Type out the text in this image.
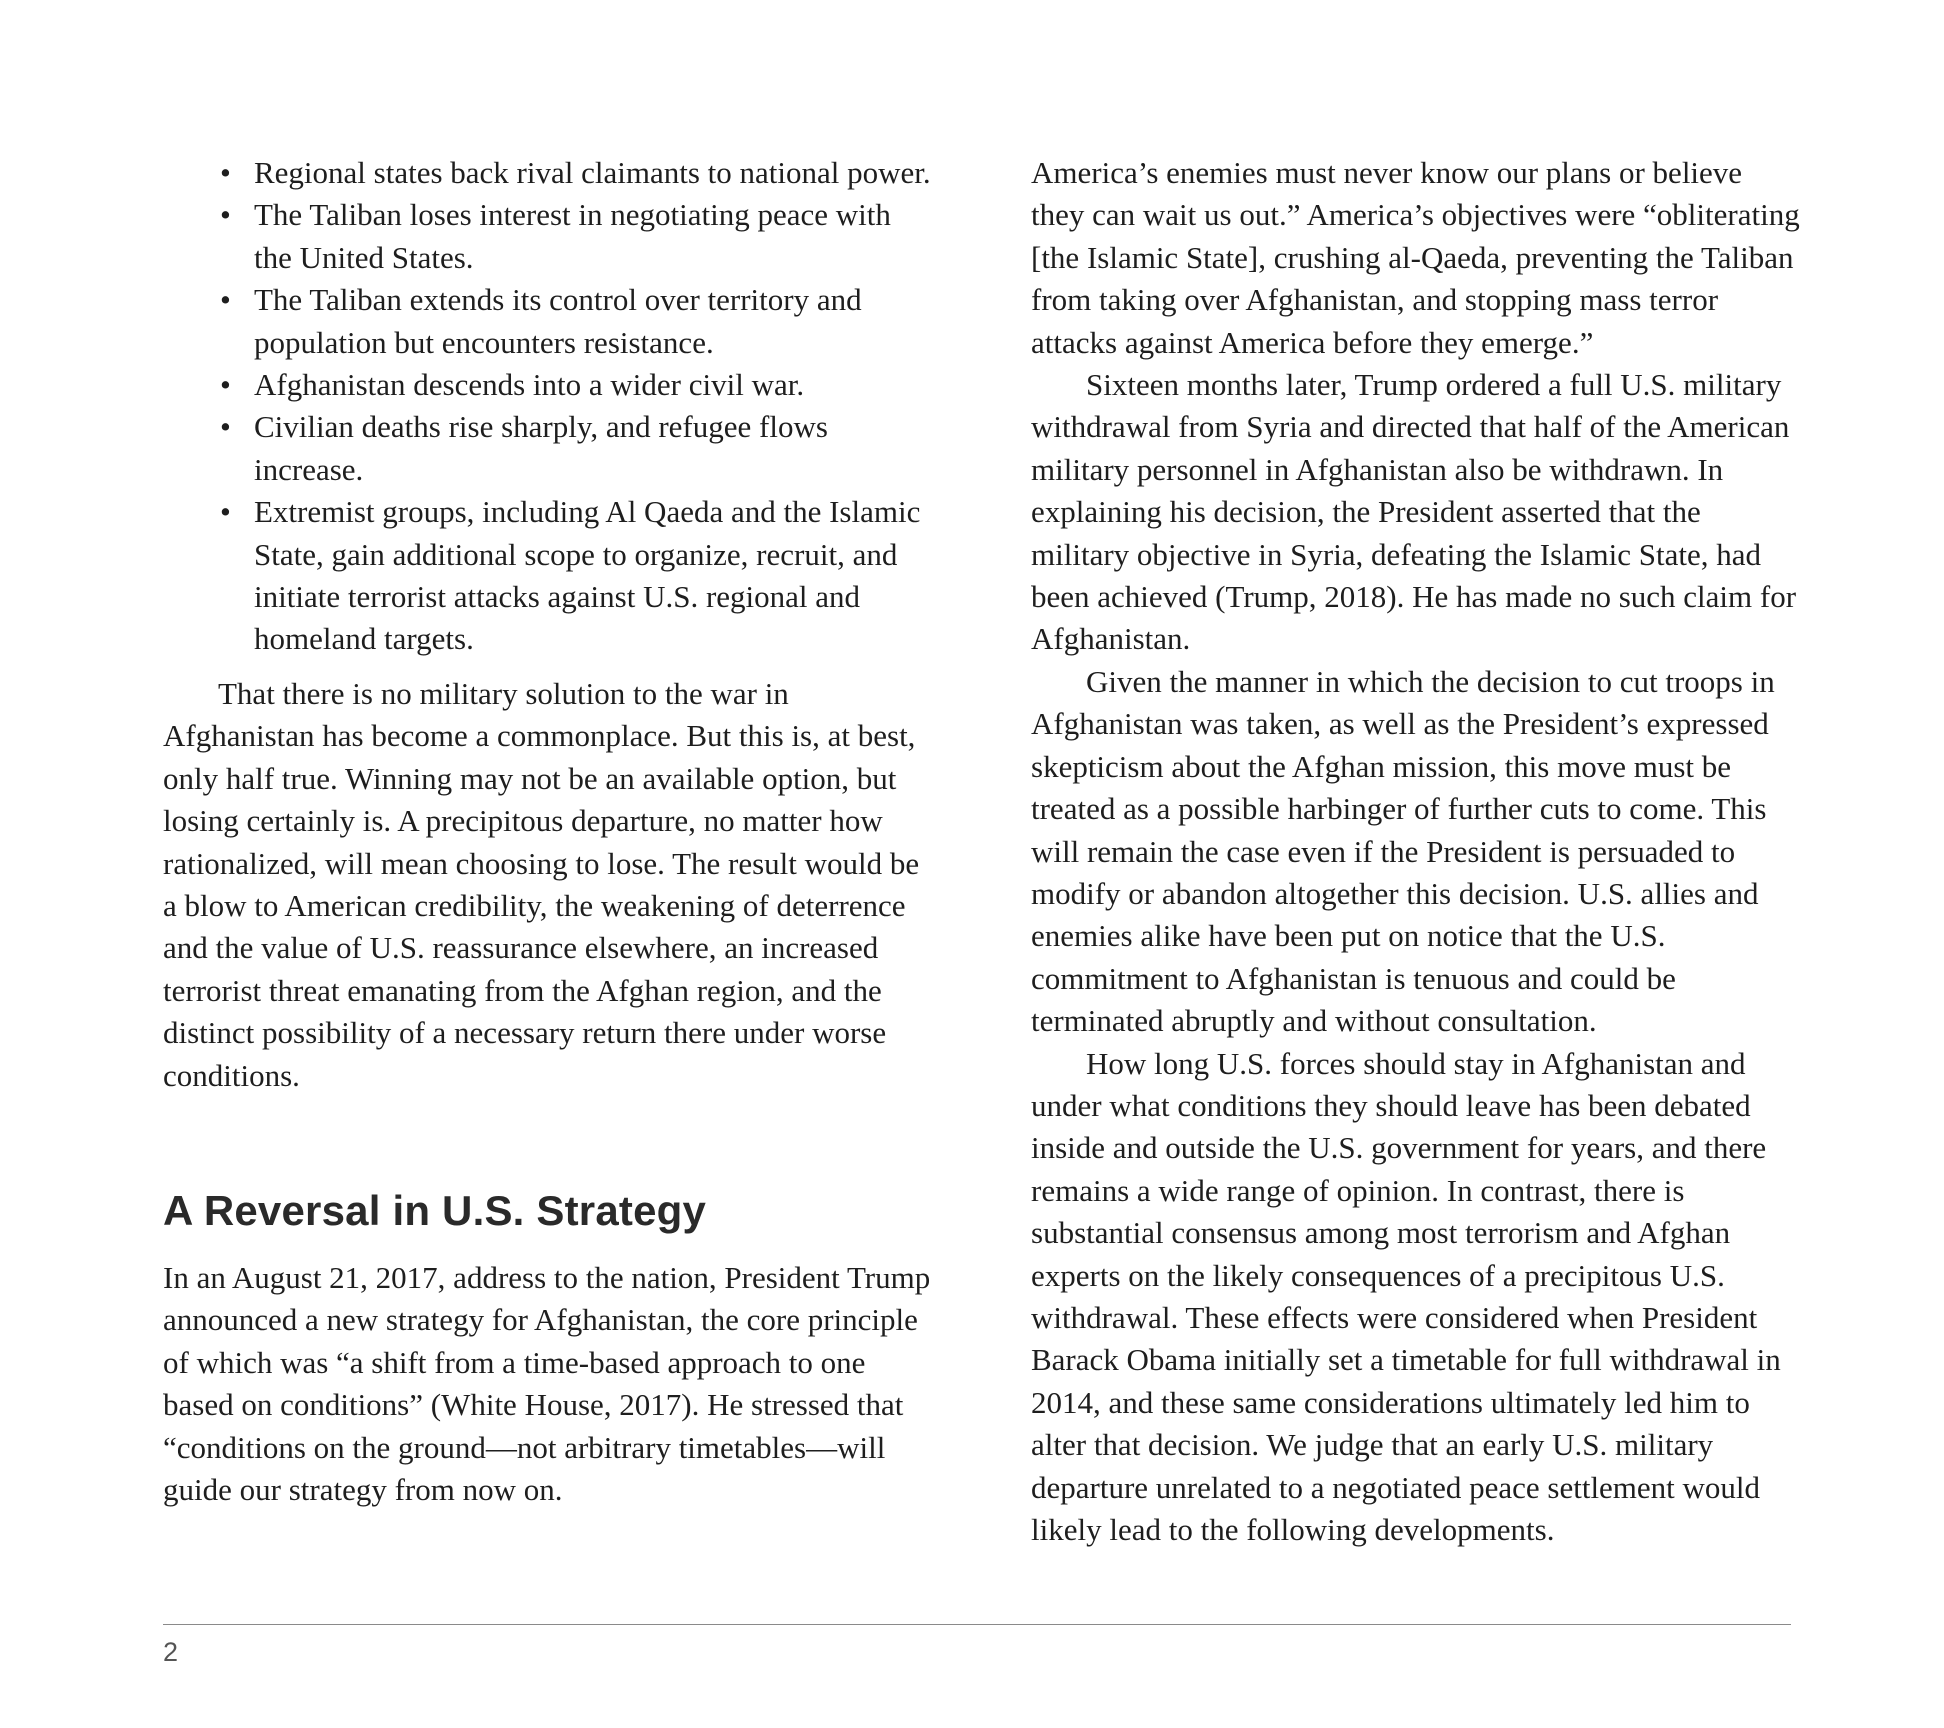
• Regional states back rival claimants to national power.
• The Taliban loses interest in negotiating peace with the United States.
• The Taliban extends its control over territory and population but encounters resistance.
• Afghanistan descends into a wider civil war.
• Civilian deaths rise sharply, and refugee flows increase.
• Extremist groups, including Al Qaeda and the Islamic State, gain additional scope to organize, recruit, and initiate terrorist attacks against U.S. regional and homeland targets.

That there is no military solution to the war in Afghanistan has become a commonplace. But this is, at best, only half true. Winning may not be an available option, but losing certainly is. A precipitous departure, no matter how rationalized, will mean choosing to lose. The result would be a blow to American credibility, the weakening of deterrence and the value of U.S. reassurance elsewhere, an increased terrorist threat emanating from the Afghan region, and the distinct possibility of a necessary return there under worse conditions.

A Reversal in U.S. Strategy

In an August 21, 2017, address to the nation, President Trump announced a new strategy for Afghanistan, the core principle of which was “a shift from a time-based approach to one based on conditions” (White House, 2017). He stressed that “conditions on the ground—not arbitrary timetables—will guide our strategy from now on.

America’s enemies must never know our plans or believe they can wait us out.” America’s objectives were “obliterating [the Islamic State], crushing al-Qaeda, preventing the Taliban from taking over Afghanistan, and stopping mass terror attacks against America before they emerge.”

Sixteen months later, Trump ordered a full U.S. military withdrawal from Syria and directed that half of the American military personnel in Afghanistan also be withdrawn. In explaining his decision, the President asserted that the military objective in Syria, defeating the Islamic State, had been achieved (Trump, 2018). He has made no such claim for Afghanistan.

Given the manner in which the decision to cut troops in Afghanistan was taken, as well as the President’s expressed skepticism about the Afghan mission, this move must be treated as a possible harbinger of further cuts to come. This will remain the case even if the President is persuaded to modify or abandon altogether this decision. U.S. allies and enemies alike have been put on notice that the U.S. commitment to Afghanistan is tenuous and could be terminated abruptly and without consultation.

How long U.S. forces should stay in Afghanistan and under what conditions they should leave has been debated inside and outside the U.S. government for years, and there remains a wide range of opinion. In contrast, there is substantial consensus among most terrorism and Afghan experts on the likely consequences of a precipitous U.S. withdrawal. These effects were considered when President Barack Obama initially set a timetable for full withdrawal in 2014, and these same considerations ultimately led him to alter that decision. We judge that an early U.S. military departure unrelated to a negotiated peace settlement would likely lead to the following developments.

2
